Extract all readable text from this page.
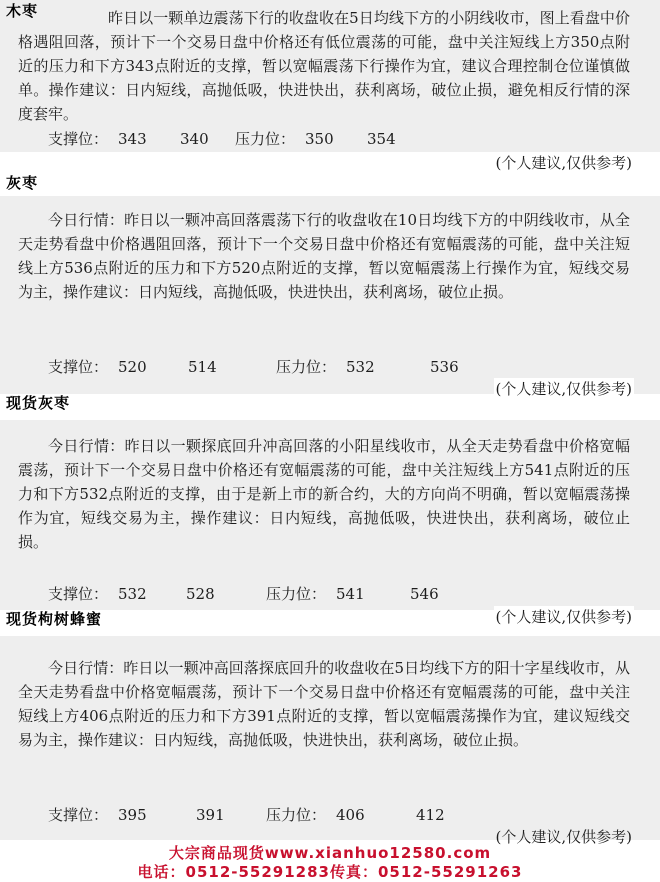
木枣	昨日以一颗单边震荡下行的收盘收在5日均线下方的小阴线收市，图上看盘中价格遇阻回落，预计下一个交易日盘中价格还有低位震荡的可能，盘中关注短线上方350点附近的压力和下方343点附近的支撑，暂以宽幅震荡下行操作为宜，建议合理控制仓位谨慎做单。操作建议：日内短线，高抛低吸，快进快出，获利离场，破位止损，避免相反行情的深度套牢。

支撑位： 343 340 压力位： 350 354
(个人建议,仅供参考)
灰枣

今日行情：昨日以一颗冲高回落震荡下行的收盘收在10日均线下方的中阴线收市，从全天走势看盘中价格遇阻回落，预计下一个交易日盘中价格还有宽幅震荡的可能，盘中关注短线上方536点附近的压力和下方520点附近的支撑，暂以宽幅震荡上行操作为宜，短线交易为主，操作建议：日内短线，高抛低吸，快进快出，获利离场，破位止损。

支撑位： 520	514	压力位： 532	536
(个人建议,仅供参考)
现货灰枣

今日行情：昨日以一颗探底回升冲高回落的小阳星线收市，从全天走势看盘中价格宽幅震荡，预计下一个交易日盘中价格还有宽幅震荡的可能，盘中关注短线上方541点附近的压力和下方532点附近的支撑，由于是新上市的新合约，大的方向尚不明确，暂以宽幅震荡操作为宜，短线交易为主，操作建议：日内短线，高抛低吸，快进快出，获利离场，破位止损。

支撑位： 532	528	压力位： 541	546
现货枸树蜂蜜	(个人建议,仅供参考)

今日行情：昨日以一颗冲高回落探底回升的收盘收在5日均线下方的阳十字星线收市，从全天走势看盘中价格宽幅震荡，预计下一个交易日盘中价格还有宽幅震荡的可能，盘中关注短线上方406点附近的压力和下方391点附近的支撑，暂以宽幅震荡操作为宜，建议短线交易为主，操作建议：日内短线，高抛低吸，快进快出，获利离场，破位止损。

支撑位： 395	391	压力位： 406	412
(个人建议,仅供参考)
大宗商品现货www.xianhuo12580.com
电话：0512-55291283传真：0512-55291263
